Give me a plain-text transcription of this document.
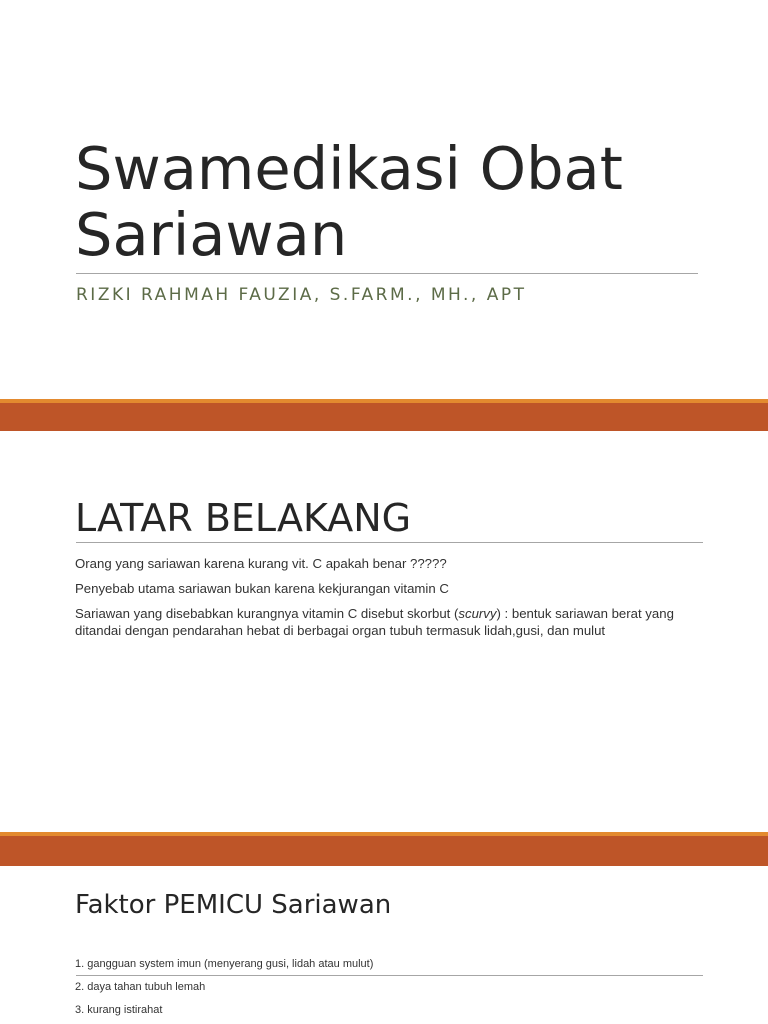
Swamedikasi Obat
Sariawan
RIZKI RAHMAH FAUZIA, S.FARM., MH., APT
LATAR BELAKANG

Orang yang sariawan karena kurang vit. C apakah benar ?????

Penyebab utama sariawan bukan karena kekjurangan vitamin C

Sariawan yang disebabkan kurangnya vitamin C disebut skorbut (scurvy) : bentuk sariawan berat yang ditandai dengan pendarahan hebat di berbagai organ tubuh termasuk lidah,gusi, dan mulut

Faktor PEMICU Sariawan

1. gangguan system imun (menyerang gusi, lidah atau mulut)

2. daya tahan tubuh lemah

3. kurang istirahat
